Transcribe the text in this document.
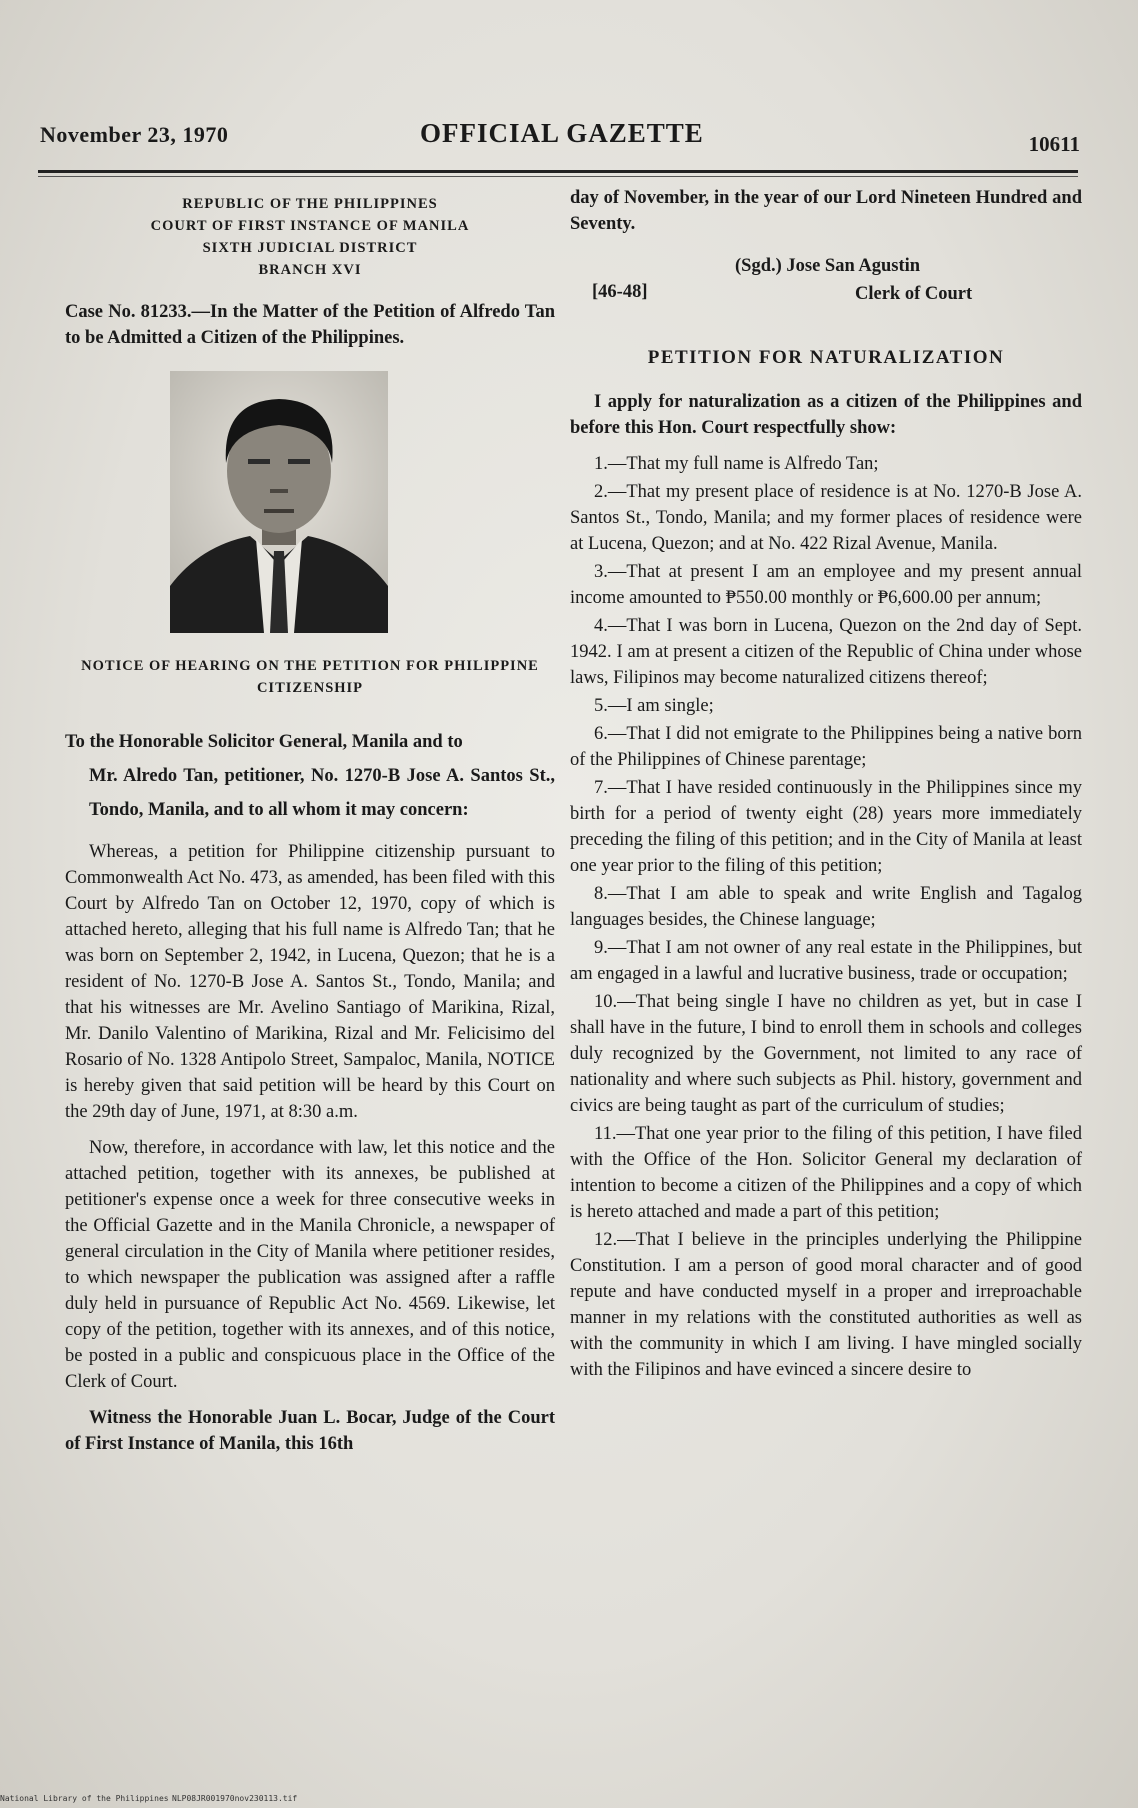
November 23, 1970	OFFICIAL GAZETTE	10611
REPUBLIC OF THE PHILIPPINES
COURT OF FIRST INSTANCE OF MANILA
SIXTH JUDICIAL DISTRICT
BRANCH XVI
Case No. 81233.—In the Matter of the Petition of Alfredo Tan to be Admitted a Citizen of the Philippines.
NOTICE OF HEARING ON THE PETITION FOR PHILIPPINE
CITIZENSHIP
To the Honorable Solicitor General, Manila and to
Mr. Alredo Tan, petitioner, No. 1270-B Jose A. Santos St., Tondo, Manila, and to all whom it may concern:

Whereas, a petition for Philippine citizenship pursuant to Commonwealth Act No. 473, as amended, has been filed with this Court by Alfredo Tan on October 12, 1970, copy of which is attached hereto, alleging that his full name is Alfredo Tan; that he was born on September 2, 1942, in Lucena, Quezon; that he is a resident of No. 1270-B Jose A. Santos St., Tondo, Manila; and that his witnesses are Mr. Avelino Santiago of Marikina, Rizal, Mr. Danilo Valentino of Marikina, Rizal and Mr. Felicisimo del Rosario of No. 1328 Antipolo Street, Sampaloc, Manila, NOTICE is hereby given that said petition will be heard by this Court on the 29th day of June, 1971, at 8:30 a.m.

Now, therefore, in accordance with law, let this notice and the attached petition, together with its annexes, be published at petitioner's expense once a week for three consecutive weeks in the Official Gazette and in the Manila Chronicle, a newspaper of general circulation in the City of Manila where petitioner resides, to which newspaper the publication was assigned after a raffle duly held in pursuance of Republic Act No. 4569. Likewise, let copy of the petition, together with its annexes, and of this notice, be posted in a public and conspicuous place in the Office of the Clerk of Court.

Witness the Honorable Juan L. Bocar, Judge of the Court of First Instance of Manila, this 16th

day of November, in the year of our Lord Nineteen Hundred and Seventy.
(Sgd.) Jose San Agustin
[46-48]	Clerk of Court
PETITION FOR NATURALIZATION

I apply for naturalization as a citizen of the Philippines and before this Hon. Court respectfully show:

1.—That my full name is Alfredo Tan;
2.—That my present place of residence is at No. 1270-B Jose A. Santos St., Tondo, Manila; and my former places of residence were at Lucena, Quezon; and at No. 422 Rizal Avenue, Manila.
3.—That at present I am an employee and my present annual income amounted to ₱550.00 monthly or ₱6,600.00 per annum;
4.—That I was born in Lucena, Quezon on the 2nd day of Sept. 1942. I am at present a citizen of the Republic of China under whose laws, Filipinos may become naturalized citizens thereof;
5.—I am single;
6.—That I did not emigrate to the Philippines being a native born of the Philippines of Chinese parentage;
7.—That I have resided continuously in the Philippines since my birth for a period of twenty eight (28) years more immediately preceding the filing of this petition; and in the City of Manila at least one year prior to the filing of this petition;
8.—That I am able to speak and write English and Tagalog languages besides, the Chinese language;
9.—That I am not owner of any real estate in the Philippines, but am engaged in a lawful and lucrative business, trade or occupation;
10.—That being single I have no children as yet, but in case I shall have in the future, I bind to enroll them in schools and colleges duly recognized by the Government, not limited to any race of nationality and where such subjects as Phil. history, government and civics are being taught as part of the curriculum of studies;
11.—That one year prior to the filing of this petition, I have filed with the Office of the Hon. Solicitor General my declaration of intention to become a citizen of the Philippines and a copy of which is hereto attached and made a part of this petition;
12.—That I believe in the principles underlying the Philippine Constitution. I am a person of good moral character and of good repute and have conducted myself in a proper and irreproachable manner in my relations with the constituted authorities as well as with the community in which I am living. I have mingled socially with the Filipinos and have evinced a sincere desire to
National Library of the Philippines NLP08JR001970nov230113.tif
